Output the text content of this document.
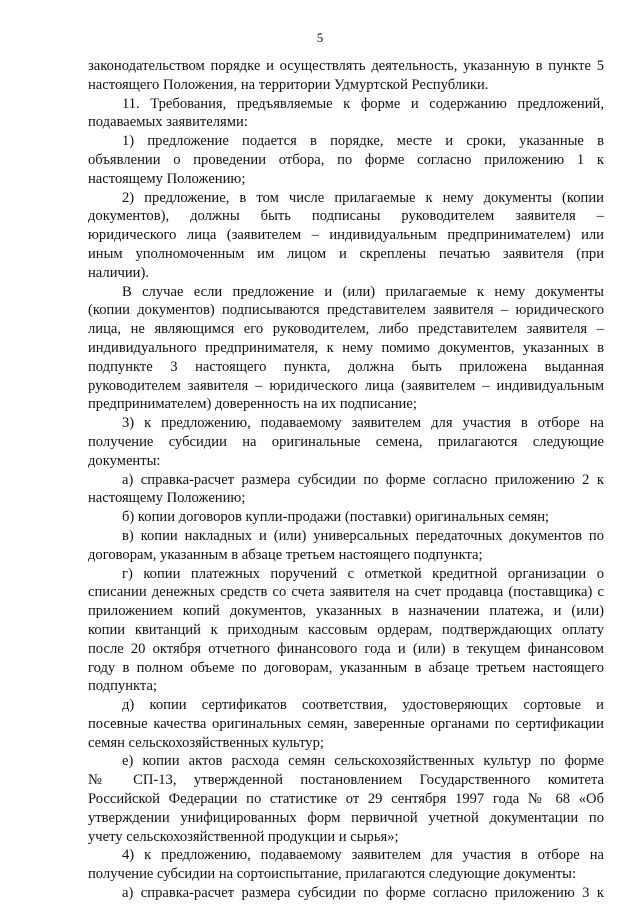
5
законодательством порядке и осуществлять деятельность, указанную в пункте 5
настоящего Положения, на территории Удмуртской Республики.
11. Требования, предъявляемые к форме и содержанию предложений,
подаваемых заявителями:
1) предложение подается в порядке, месте и сроки, указанные в
объявлении о проведении отбора, по форме согласно приложению 1 к
настоящему Положению;
2) предложение, в том числе прилагаемые к нему документы (копии
документов), должны быть подписаны руководителем заявителя –
юридического лица (заявителем – индивидуальным предпринимателем) или
иным уполномоченным им лицом и скреплены печатью заявителя (при
наличии).
В случае если предложение и (или) прилагаемые к нему документы
(копии документов) подписываются представителем заявителя – юридического
лица, не являющимся его руководителем, либо представителем заявителя –
индивидуального предпринимателя, к нему помимо документов, указанных в
подпункте 3 настоящего пункта, должна быть приложена выданная
руководителем заявителя – юридического лица (заявителем – индивидуальным
предпринимателем) доверенность на их подписание;
3) к предложению, подаваемому заявителем для участия в отборе на
получение субсидии на оригинальные семена, прилагаются следующие
документы:
а) справка-расчет размера субсидии по форме согласно приложению 2 к
настоящему Положению;
б) копии договоров купли-продажи (поставки) оригинальных семян;
в) копии накладных и (или) универсальных передаточных документов по
договорам, указанным в абзаце третьем настоящего подпункта;
г) копии платежных поручений с отметкой кредитной организации о
списании денежных средств со счета заявителя на счет продавца (поставщика) с
приложением копий документов, указанных в назначении платежа, и (или)
копии квитанций к приходным кассовым ордерам, подтверждающих оплату
после 20 октября отчетного финансового года и (или) в текущем финансовом
году в полном объеме по договорам, указанным в абзаце третьем настоящего
подпункта;
д) копии сертификатов соответствия, удостоверяющих сортовые и
посевные качества оригинальных семян, заверенные органами по сертификации
семян сельскохозяйственных культур;
е) копии актов расхода семян сельскохозяйственных культур по форме
№ СП-13, утвержденной постановлением Государственного комитета
Российской Федерации по статистике от 29 сентября 1997 года № 68 «Об
утверждении унифицированных форм первичной учетной документации по
учету сельскохозяйственной продукции и сырья»;
4) к предложению, подаваемому заявителем для участия в отборе на
получение субсидии на сортоиспытание, прилагаются следующие документы:
а) справка-расчет размера субсидии по форме согласно приложению 3 к
